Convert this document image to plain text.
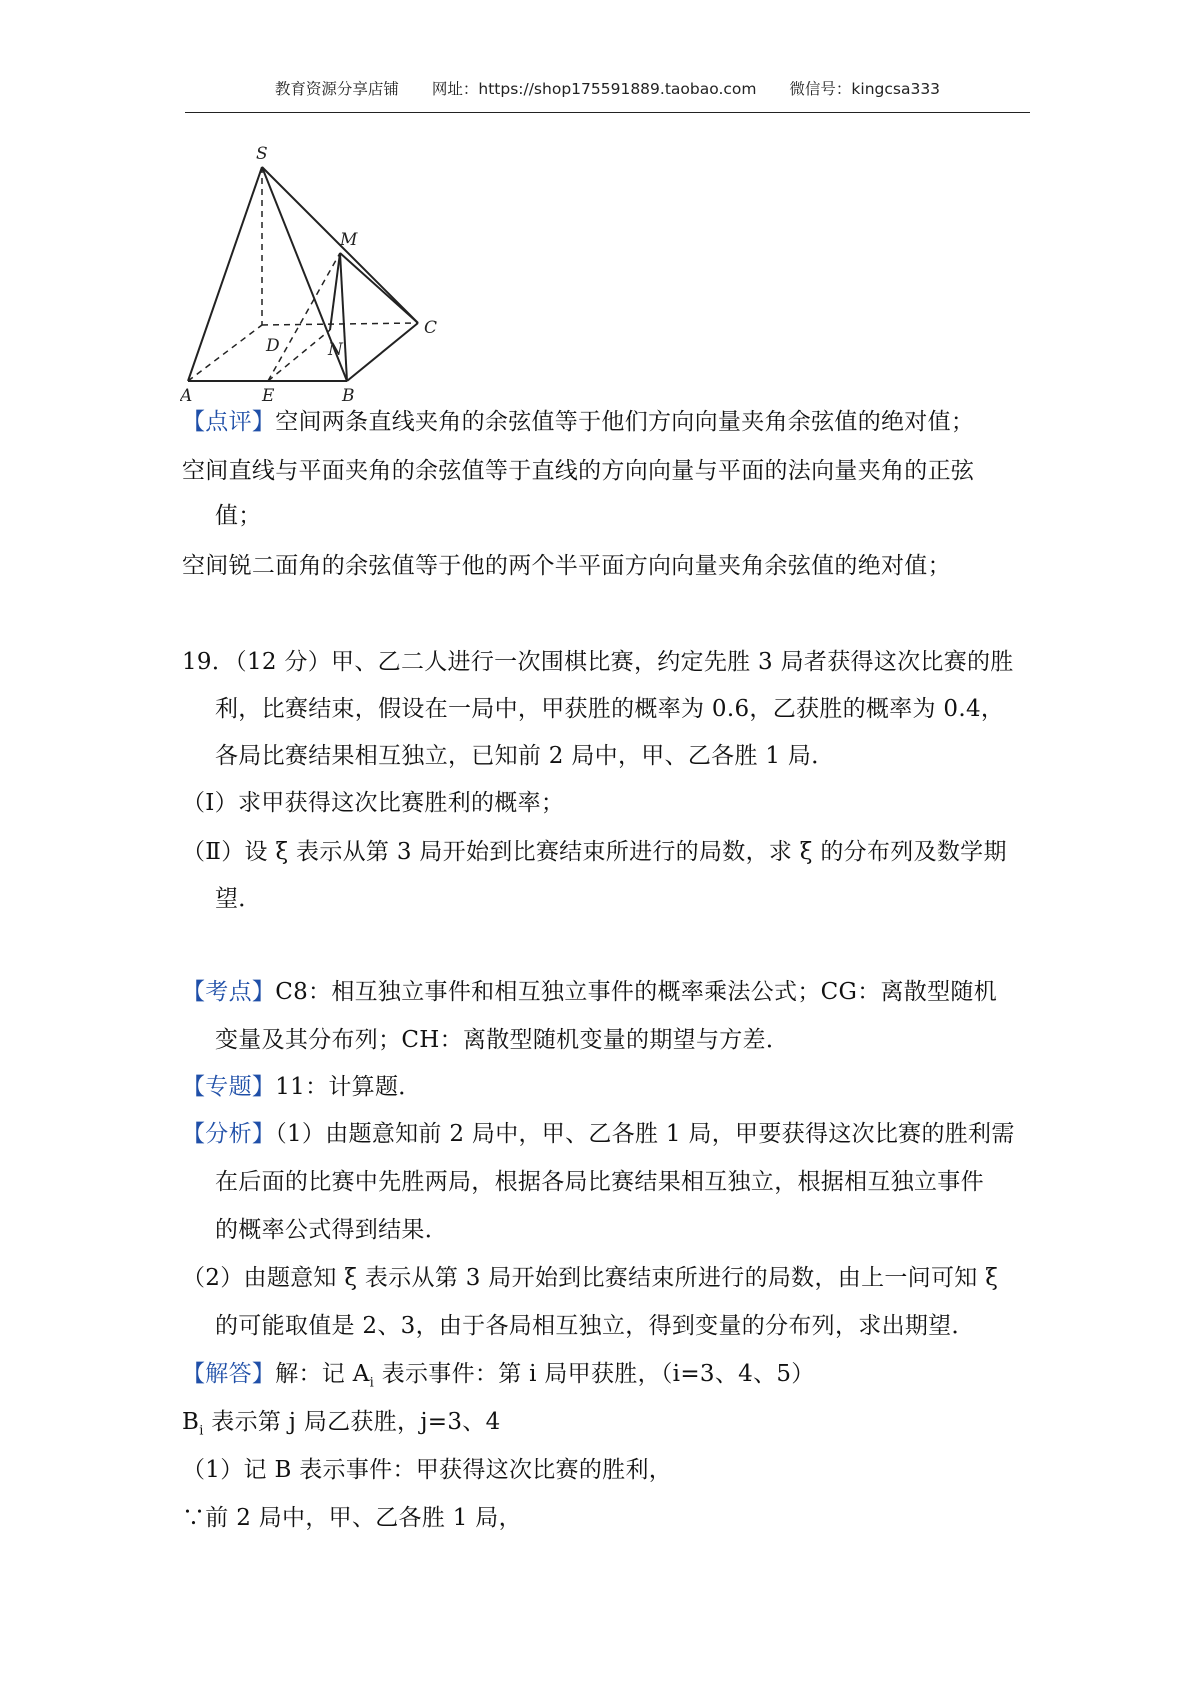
教育资源分享店铺 网址：https://shop175591889.taobao.com 微信号：kingcsa333
S
M
D
C
N
A	E	B
【点评】空间两条直线夹角的余弦值等于他们方向向量夹角余弦值的绝对值；
空间直线与平面夹角的余弦值等于直线的方向向量与平面的法向量夹角的正弦
值；
空间锐二面角的余弦值等于他的两个半平面方向向量夹角余弦值的绝对值；
19．（12 分）甲、乙二人进行一次围棋比赛，约定先胜 3 局者获得这次比赛的胜
利，比赛结束，假设在一局中，甲获胜的概率为 0.6，乙获胜的概率为 0.4，
各局比赛结果相互独立，已知前 2 局中，甲、乙各胜 1 局．
（Ⅰ）求甲获得这次比赛胜利的概率；
（Ⅱ）设 ξ 表示从第 3 局开始到比赛结束所进行的局数，求 ξ 的分布列及数学期
望．
【考点】C8：相互独立事件和相互独立事件的概率乘法公式；CG：离散型随机
变量及其分布列；CH：离散型随机变量的期望与方差．
【专题】11：计算题．
【分析】（1）由题意知前 2 局中，甲、乙各胜 1 局，甲要获得这次比赛的胜利需
在后面的比赛中先胜两局，根据各局比赛结果相互独立，根据相互独立事件
的概率公式得到结果．
（2）由题意知 ξ 表示从第 3 局开始到比赛结束所进行的局数，由上一问可知 ξ
的可能取值是 2、3，由于各局相互独立，得到变量的分布列，求出期望．
【解答】解：记 $A_i$ 表示事件：第 i 局甲获胜，（i=3、4、5）
$B_i$ 表示第 j 局乙获胜，j=3、4
（1）记 B 表示事件：甲获得这次比赛的胜利，
∵前 2 局中，甲、乙各胜 1 局，
